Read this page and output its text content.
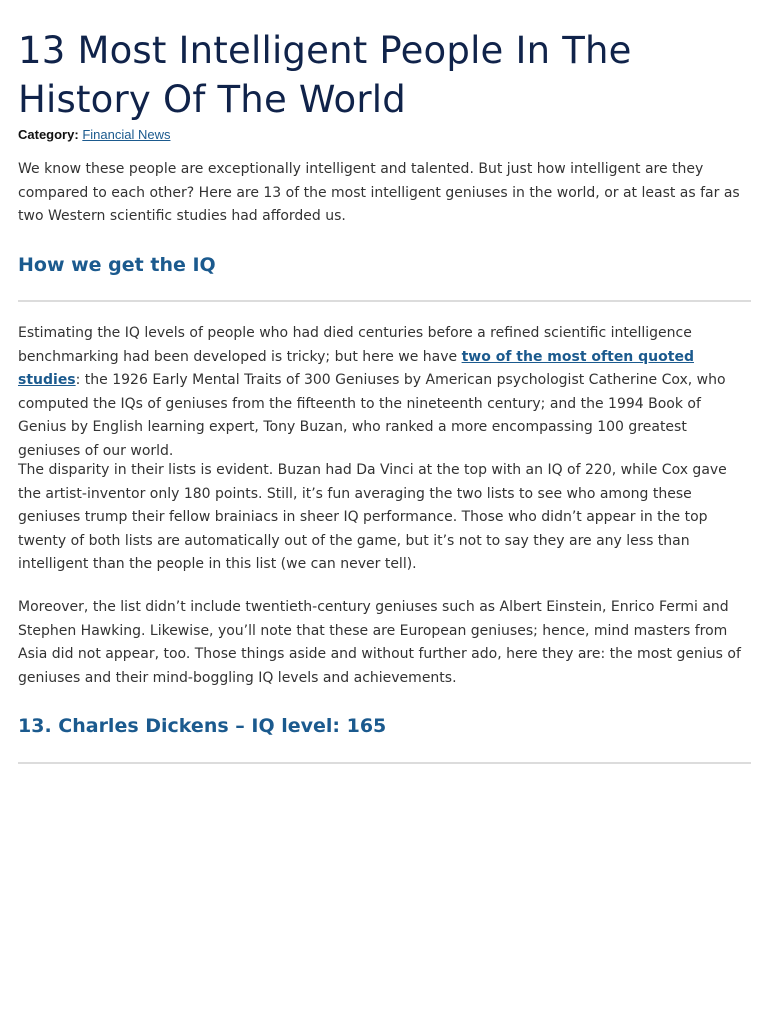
13 Most Intelligent People In The History Of The World
Category: Financial News

We know these people are exceptionally intelligent and talented. But just how intelligent are they compared to each other? Here are 13 of the most intelligent geniuses in the world, or at least as far as two Western scientific studies had afforded us.

How we get the IQ

Estimating the IQ levels of people who had died centuries before a refined scientific intelligence benchmarking had been developed is tricky; but here we have two of the most often quoted studies: the 1926 Early Mental Traits of 300 Geniuses by American psychologist Catherine Cox, who computed the IQs of geniuses from the fifteenth to the nineteenth century; and the 1994 Book of Genius by English learning expert, Tony Buzan, who ranked a more encompassing 100 greatest geniuses of our world.

The disparity in their lists is evident. Buzan had Da Vinci at the top with an IQ of 220, while Cox gave the artist-inventor only 180 points. Still, it’s fun averaging the two lists to see who among these geniuses trump their fellow brainiacs in sheer IQ performance. Those who didn’t appear in the top twenty of both lists are automatically out of the game, but it’s not to say they are any less than intelligent than the people in this list (we can never tell).

Moreover, the list didn’t include twentieth-century geniuses such as Albert Einstein, Enrico Fermi and Stephen Hawking. Likewise, you’ll note that these are European geniuses; hence, mind masters from Asia did not appear, too. Those things aside and without further ado, here they are: the most genius of geniuses and their mind-boggling IQ levels and achievements.

13. Charles Dickens – IQ level: 165
